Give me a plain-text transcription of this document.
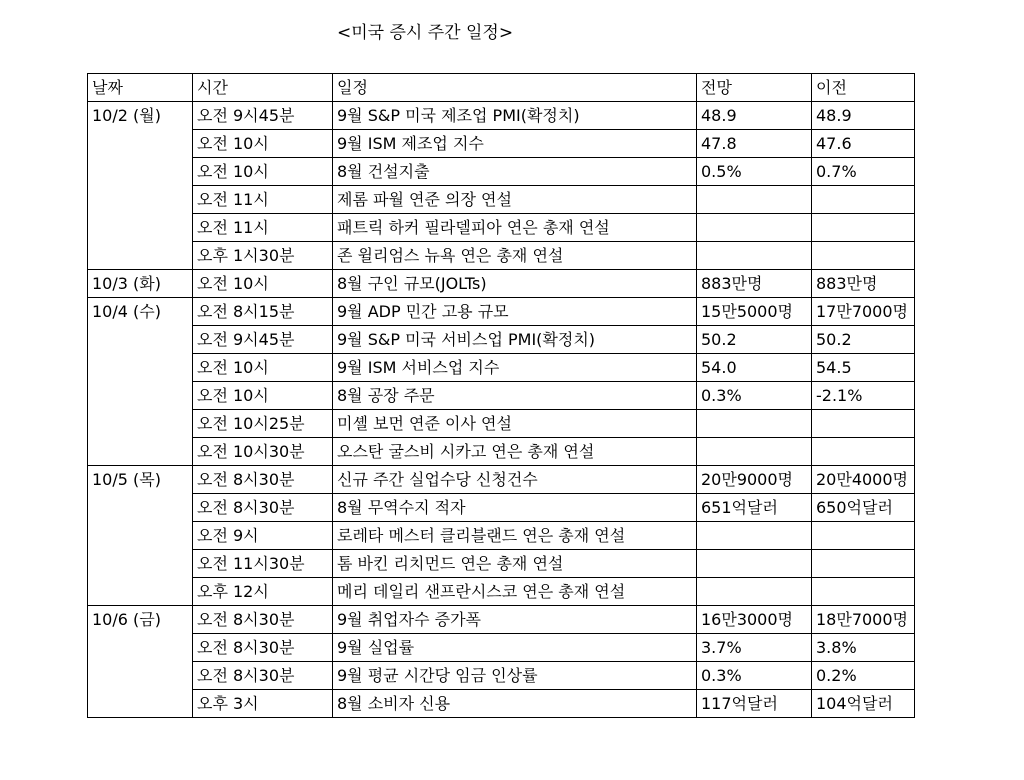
<미국 증시 주간 일정>
날짜	시간	일정	전망	이전
10/2 (월)	오전 9시45분	9월 S&P 미국 제조업 PMI(확정치)	48.9	48.9
	오전 10시	9월 ISM 제조업 지수	47.8	47.6
	오전 10시	8월 건설지출	0.5%	0.7%
	오전 11시	제롬 파월 연준 의장 연설		
	오전 11시	패트릭 하커 필라델피아 연은 총재 연설		
	오후 1시30분	존 윌리엄스 뉴욕 연은 총재 연설		
10/3 (화)	오전 10시	8월 구인 규모(JOLTs)	883만명	883만명
10/4 (수)	오전 8시15분	9월 ADP 민간 고용 규모	15만5000명	17만7000명
	오전 9시45분	9월 S&P 미국 서비스업 PMI(확정치)	50.2	50.2
	오전 10시	9월 ISM 서비스업 지수	54.0	54.5
	오전 10시	8월 공장 주문	0.3%	-2.1%
	오전 10시25분	미셸 보먼 연준 이사 연설		
	오전 10시30분	오스탄 굴스비 시카고 연은 총재 연설		
10/5 (목)	오전 8시30분	신규 주간 실업수당 신청건수	20만9000명	20만4000명
	오전 8시30분	8월 무역수지 적자	651억달러	650억달러
	오전 9시	로레타 메스터 클리블랜드 연은 총재 연설		
	오전 11시30분	톰 바킨 리치먼드 연은 총재 연설		
	오후 12시	메리 데일리 샌프란시스코 연은 총재 연설		
10/6 (금)	오전 8시30분	9월 취업자수 증가폭	16만3000명	18만7000명
	오전 8시30분	9월 실업률	3.7%	3.8%
	오전 8시30분	9월 평균 시간당 임금 인상률	0.3%	0.2%
	오후 3시	8월 소비자 신용	117억달러	104억달러
